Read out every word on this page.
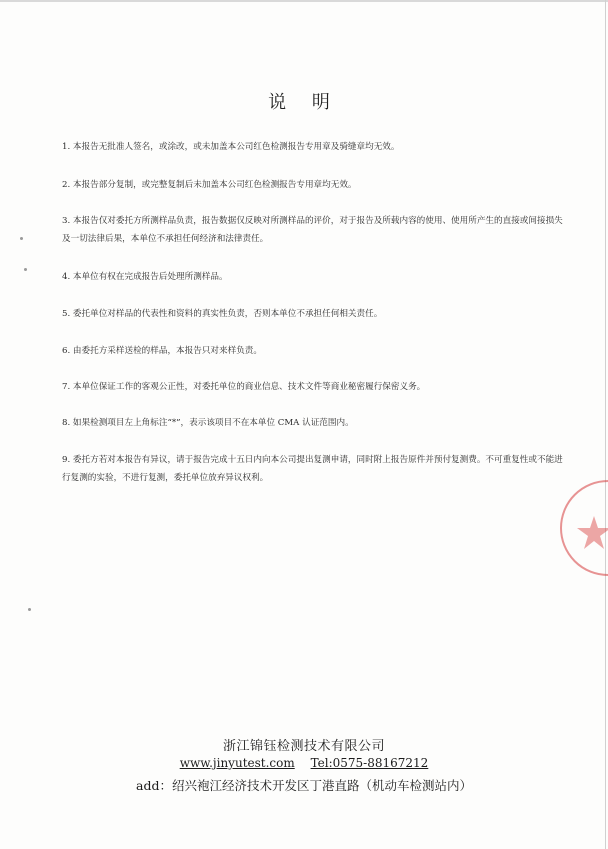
说 明
1. 本报告无批准人签名，或涂改，或未加盖本公司红色检测报告专用章及骑缝章均无效。
2. 本报告部分复制，或完整复制后未加盖本公司红色检测报告专用章均无效。
3. 本报告仅对委托方所测样品负责，报告数据仅反映对所测样品的评价，对于报告及所载内容的使用、使用所产生的直接或间接损失及一切法律后果，本单位不承担任何经济和法律责任。
4. 本单位有权在完成报告后处理所测样品。
5. 委托单位对样品的代表性和资料的真实性负责，否则本单位不承担任何相关责任。
6. 由委托方采样送检的样品，本报告只对来样负责。
7. 本单位保证工作的客观公正性，对委托单位的商业信息、技术文件等商业秘密履行保密义务。
8. 如果检测项目左上角标注“*”，表示该项目不在本单位 CMA 认证范围内。
9. 委托方若对本报告有异议，请于报告完成十五日内向本公司提出复测申请，同时附上报告原件并预付复测费。不可重复性或不能进行复测的实验，不进行复测，委托单位放弃异议权利。
浙江锦钰检测技术有限公司
www.jinyutest.com Tel:0575-88167212
add：绍兴袍江经济技术开发区丁港直路（机动车检测站内）
